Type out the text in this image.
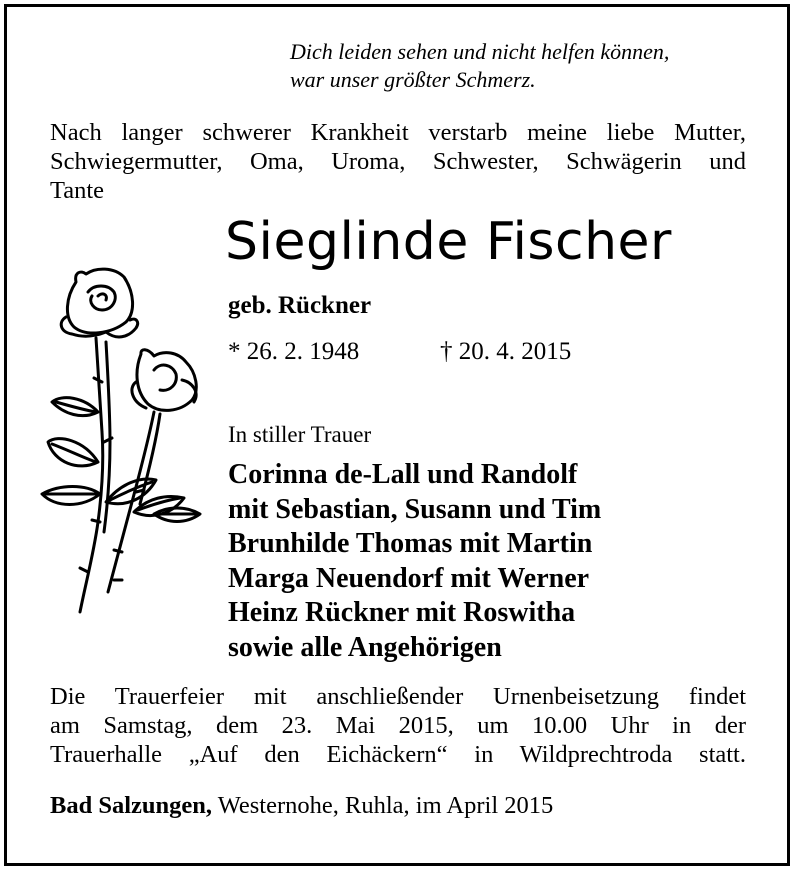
Dich leiden sehen und nicht helfen können,
war unser größter Schmerz.
Nach langer schwerer Krankheit verstarb meine liebe Mutter,
Schwiegermutter, Oma, Uroma, Schwester, Schwägerin und
Tante
Sieglinde Fischer
geb. Rückner
* 26. 2. 1948	† 20. 4. 2015
In stiller Trauer
Corinna de-Lall und Randolf
mit Sebastian, Susann und Tim
Brunhilde Thomas mit Martin
Marga Neuendorf mit Werner
Heinz Rückner mit Roswitha
sowie alle Angehörigen
Die Trauerfeier mit anschließender Urnenbeisetzung findet
am Samstag, dem 23. Mai 2015, um 10.00 Uhr in der
Trauerhalle „Auf den Eichäckern“ in Wildprechtroda statt.
Bad Salzungen, Westernohe, Ruhla, im April 2015
